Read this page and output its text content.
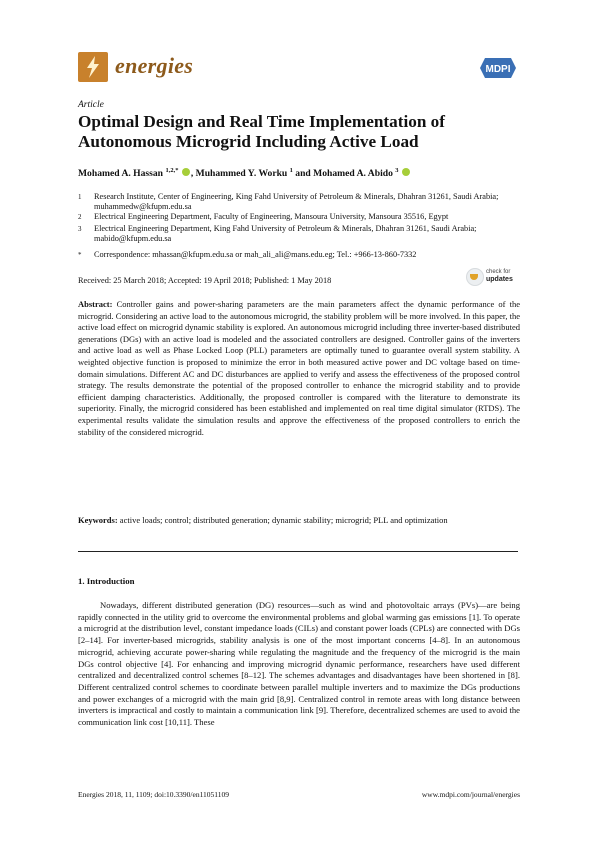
energies	MDPI
Article
Optimal Design and Real Time Implementation of Autonomous Microgrid Including Active Load
Mohamed A. Hassan $^{1,2,*}$ , Muhammed Y. Worku $^1$ and Mohamed A. Abido $^3$
1	Research Institute, Center of Engineering, King Fahd University of Petroleum & Minerals, Dhahran 31261, Saudi Arabia; muhammedw@kfupm.edu.sa
2	Electrical Engineering Department, Faculty of Engineering, Mansoura University, Mansoura 35516, Egypt
3	Electrical Engineering Department, King Fahd University of Petroleum & Minerals, Dhahran 31261, Saudi Arabia; mabido@kfupm.edu.sa
*	Correspondence: mhassan@kfupm.edu.sa or mah_ali_ali@mans.edu.eg; Tel.: +966-13-860-7332
Received: 25 March 2018; Accepted: 19 April 2018; Published: 1 May 2018
check for
updates
Abstract: Controller gains and power-sharing parameters are the main parameters affect the dynamic performance of the microgrid. Considering an active load to the autonomous microgrid, the stability problem will be more involved. In this paper, the active load effect on microgrid dynamic stability is explored. An autonomous microgrid including three inverter-based distributed generations (DGs) with an active load is modeled and the associated controllers are designed. Controller gains of the inverters and active load as well as Phase Locked Loop (PLL) parameters are optimally tuned to guarantee overall system stability. A weighted objective function is proposed to minimize the error in both measured active power and DC voltage based on time-domain simulations. Different AC and DC disturbances are applied to verify and assess the effectiveness of the proposed control strategy. The results demonstrate the potential of the proposed controller to enhance the microgrid stability and to provide efficient damping characteristics. Additionally, the proposed controller is compared with the literature to demonstrate its superiority. Finally, the microgrid considered has been established and implemented on real time digital simulator (RTDS). The experimental results validate the simulation results and approve the effectiveness of the proposed controllers to enrich the stability of the considered microgrid.
Keywords: active loads; control; distributed generation; dynamic stability; microgrid; PLL and optimization
1. Introduction
Nowadays, different distributed generation (DG) resources—such as wind and photovoltaic arrays (PVs)—are being rapidly connected in the utility grid to overcome the environmental problems and global warming gas emissions [1]. To operate a microgrid at the distribution level, constant impedance loads (CILs) and constant power loads (CPLs) are connected with DGs [2–14]. For inverter-based microgrids, stability analysis is one of the most important concerns [4–8]. In an autonomous microgrid, achieving accurate power-sharing while regulating the magnitude and the frequency of the microgrid is the main DGs control objective [4]. For enhancing and improving microgrid dynamic performance, researchers have used different centralized and decentralized control schemes [8–12]. The schemes advantages and disadvantages have been shortened in [8]. Different centralized control schemes to coordinate between parallel multiple inverters and to maximize the DGs productions and power exchanges of a microgrid with the main grid [8,9]. Centralized control in remote areas with long distance between inverters is impractical and costly to maintain a communication link [9]. Therefore, decentralized schemes are used to avoid the communication link cost [10,11]. These
Energies 2018, 11, 1109; doi:10.3390/en11051109	www.mdpi.com/journal/energies
